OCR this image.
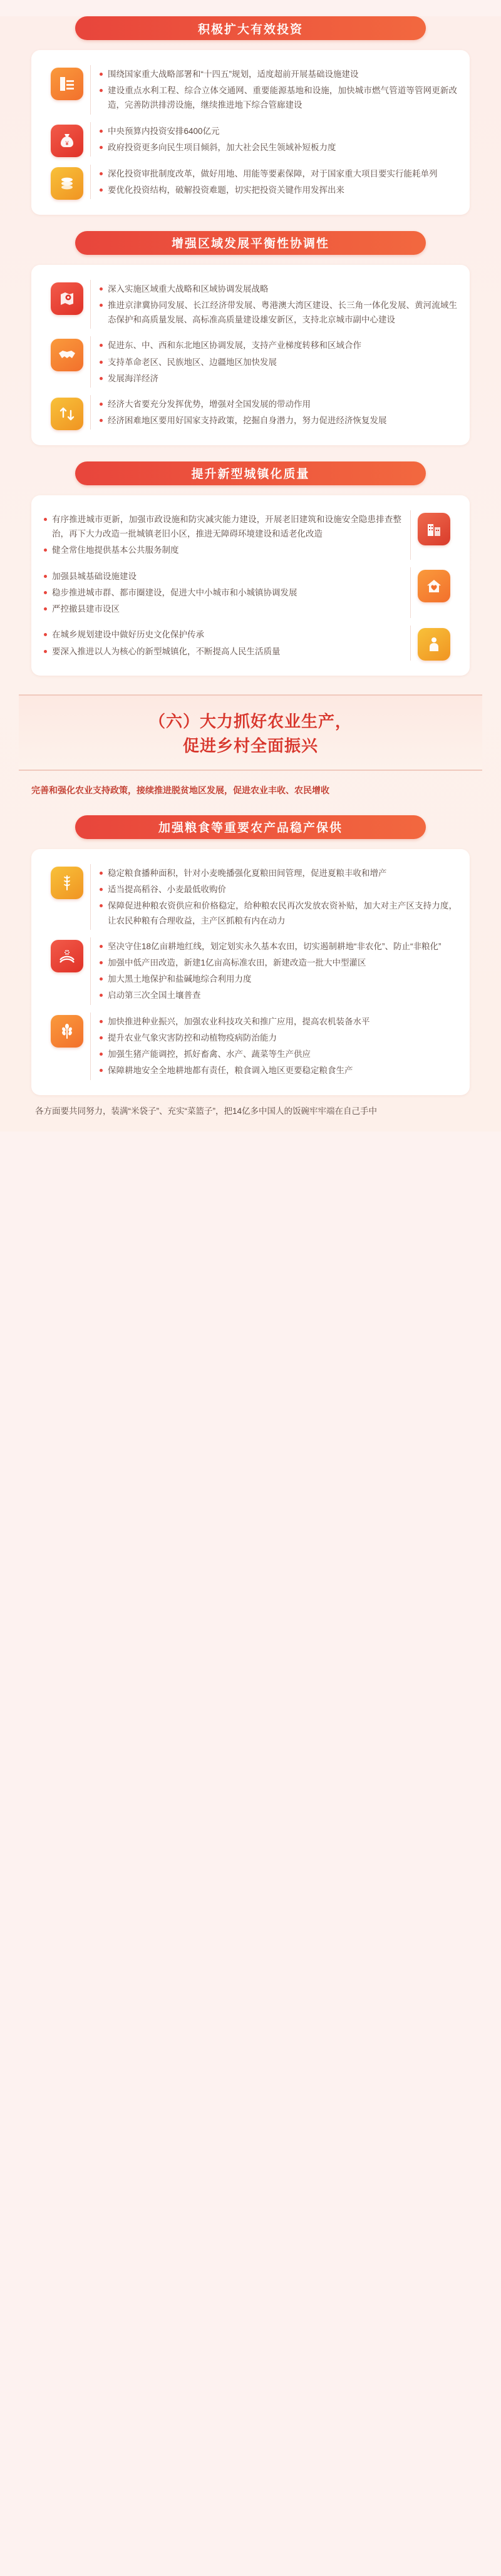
积极扩大有效投资
围绕国家重大战略部署和“十四五”规划，适度超前开展基础设施建设
建设重点水利工程、综合立体交通网、重要能源基地和设施，加快城市燃气管道等管网更新改造，完善防洪排涝设施，继续推进地下综合管廊建设
¥
中央预算内投资安排6400亿元
政府投资更多向民生项目倾斜，加大社会民生领域补短板力度
深化投资审批制度改革，做好用地、用能等要素保障，对于国家重大项目要实行能耗单列
要优化投资结构，破解投资难题，切实把投资关键作用发挥出来
增强区域发展平衡性协调性
深入实施区域重大战略和区域协调发展战略
推进京津冀协同发展、长江经济带发展、粤港澳大湾区建设、长三角一体化发展、黄河流域生态保护和高质量发展、高标准高质量建设雄安新区，支持北京城市副中心建设
促进东、中、西和东北地区协调发展，支持产业梯度转移和区域合作
支持革命老区、民族地区、边疆地区加快发展
发展海洋经济
经济大省要充分发挥优势，增强对全国发展的带动作用
经济困难地区要用好国家支持政策，挖掘自身潜力，努力促进经济恢复发展
提升新型城镇化质量
有序推进城市更新，加强市政设施和防灾减灾能力建设，开展老旧建筑和设施安全隐患排查整治，再下大力改造一批城镇老旧小区，推进无障碍环境建设和适老化改造
健全常住地提供基本公共服务制度
加强县城基础设施建设
稳步推进城市群、都市圈建设，促进大中小城市和小城镇协调发展
严控撤县建市设区
在城乡规划建设中做好历史文化保护传承
要深入推进以人为核心的新型城镇化，不断提高人民生活质量
（六）大力抓好农业生产，
促进乡村全面振兴
完善和强化农业支持政策，接续推进脱贫地区发展，促进农业丰收、农民增收
加强粮食等重要农产品稳产保供
稳定粮食播种面积，针对小麦晚播强化夏粮田间管理，促进夏粮丰收和增产
适当提高稻谷、小麦最低收购价
保障促进种粮农资供应和价格稳定，给种粮农民再次发放农资补贴，加大对主产区支持力度，让农民种粮有合理收益，主产区抓粮有内在动力
坚决守住18亿亩耕地红线，划定划实永久基本农田，切实遏制耕地“非农化”、防止“非粮化”
加强中低产田改造，新建1亿亩高标准农田，新建改造一批大中型灌区
加大黑土地保护和盐碱地综合利用力度
启动第三次全国土壤普查
加快推进种业振兴，加强农业科技攻关和推广应用，提高农机装备水平
提升农业气象灾害防控和动植物疫病防治能力
加强生猪产能调控，抓好畜禽、水产、蔬菜等生产供应
保障耕地安全全地耕地都有责任，粮食调入地区更要稳定粮食生产
各方面要共同努力，装满“米袋子”、充实“菜篮子”，把14亿多中国人的饭碗牢牢端在自己手中
